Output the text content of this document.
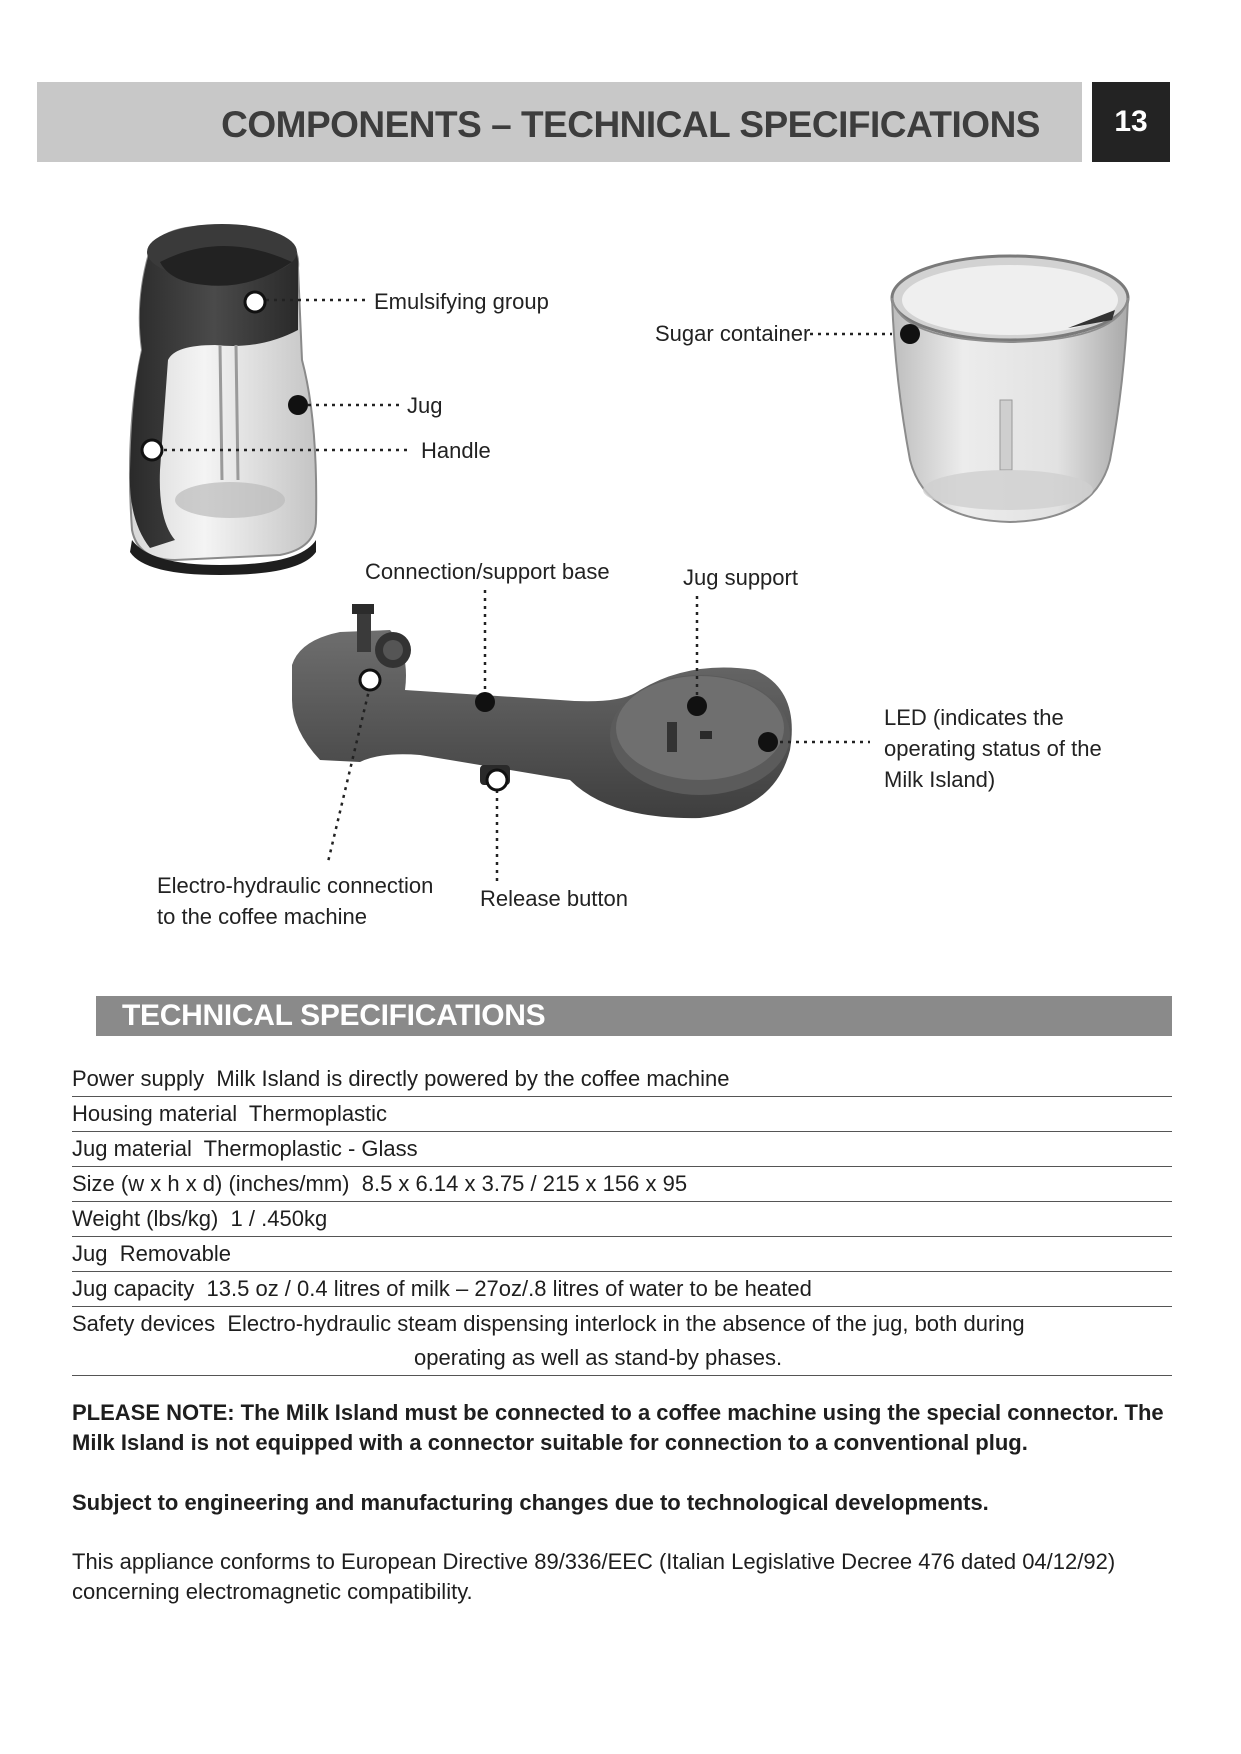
COMPONENTS – TECHNICAL SPECIFICATIONS	13
Emulsifying group
Jug
Handle
Sugar container
Connection/support base	Jug support
LED (indicates the
operating status of the
Milk Island)
Electro-hydraulic connection
to the coffee machine
Release button
TECHNICAL SPECIFICATIONS
Power supply Milk Island is directly powered by the coffee machine
Housing material Thermoplastic
Jug material Thermoplastic - Glass
Size (w x h x d) (inches/mm) 8.5 x 6.14 x 3.75 / 215 x 156 x 95
Weight (lbs/kg) 1 / .450kg
Jug Removable
Jug capacity 13.5 oz / 0.4 litres of milk – 27oz/.8 litres of water to be heated
Safety devices Electro-hydraulic steam dispensing interlock in the absence of the jug, both during
operating as well as stand-by phases.
PLEASE NOTE: The Milk Island must be connected to a coffee machine using the special connector. The Milk Island is not equipped with a connector suitable for connection to a conventional plug.
Subject to engineering and manufacturing changes due to technological developments.
This appliance conforms to European Directive 89/336/EEC (Italian Legislative Decree 476 dated 04/12/92) concerning electromagnetic compatibility.
